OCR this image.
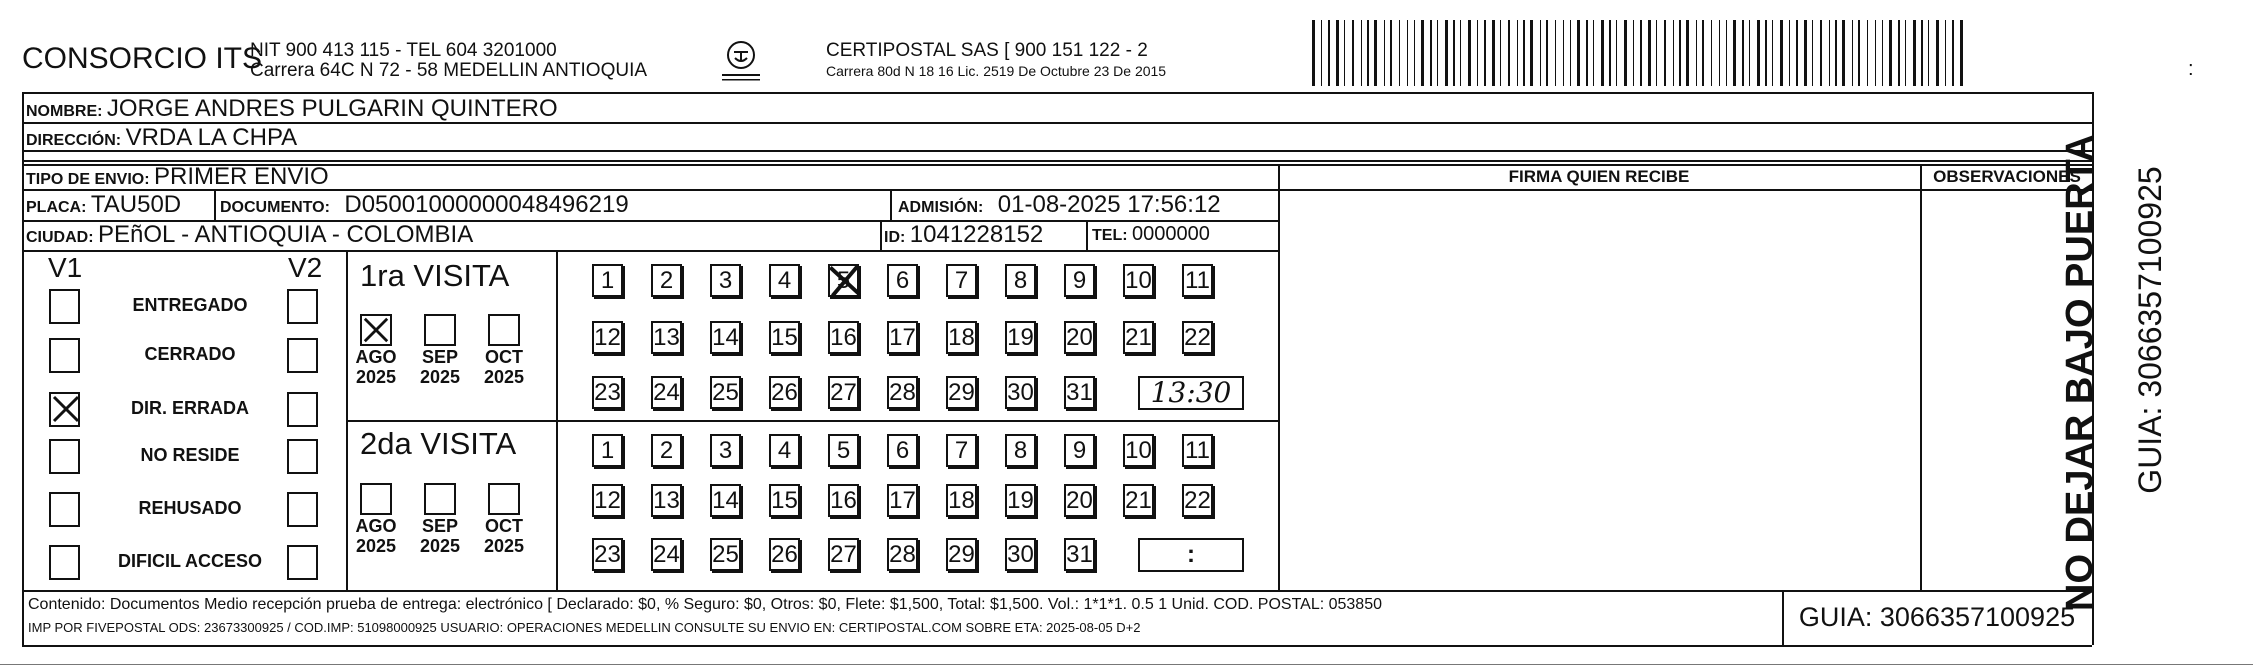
CONSORCIO ITS
NIT 900 413 115 - TEL 604 3201000
Carrera 64C N 72 - 58 MEDELLIN ANTIOQUIA
CERTIPOSTAL SAS [ 900 151 122 - 2
Carrera 80d N 18 16 Lic. 2519 De Octubre 23 De 2015	:
NOMBRE: JORGE ANDRES PULGARIN QUINTERO
DIRECCIÓN: VRDA LA CHPA
TIPO DE ENVIO: PRIMER ENVIO	FIRMA QUIEN RECIBE	OBSERVACIONES
PLACA: TAU50D DOCUMENTO: D05001000000048496219	ADMISIÓN: 01-08-2025 17:56:12
CIUDAD: PEñOL - ANTIOQUIA - COLOMBIA	ID: 1041228152	TEL: 0000000
V1	V2
ENTREGADO
CERRADO
DIR. ERRADA
NO RESIDE
REHUSADO
DIFICIL ACCESO
1ra VISITA
2da VISITA
AGO
2025
SEP
2025
OCT
2025
AGO
2025
SEP
2025
OCT
2025
1	2	3	4	5	6	7	8	9	10 11
12 13 14 15 16 17 18 19 20 21 22
23 24 25 26 27 28 29 30 31
1	2	3	4	5	6	7	8	9	10 11
12 13 14 15 16 17 18 19 20 21 22
23 24 25 26 27 28 29 30 31
13:30
:
Contenido: Documentos Medio recepción prueba de entrega: electrónico [ Declarado: $0, % Seguro: $0, Otros: $0, Flete: $1,500, Total: $1,500. Vol.: 1*1*1. 0.5 1 Unid. COD. POSTAL: 053850
IMP POR FIVEPOSTAL ODS: 23673300925 / COD.IMP: 51098000925 USUARIO: OPERACIONES MEDELLIN CONSULTE SU ENVIO EN: CERTIPOSTAL.COM SOBRE ETA: 2025-08-05 D+2	GUIA: 3066357100925
NO DEJAR BAJO PUERTA GUIA: 3066357100925
